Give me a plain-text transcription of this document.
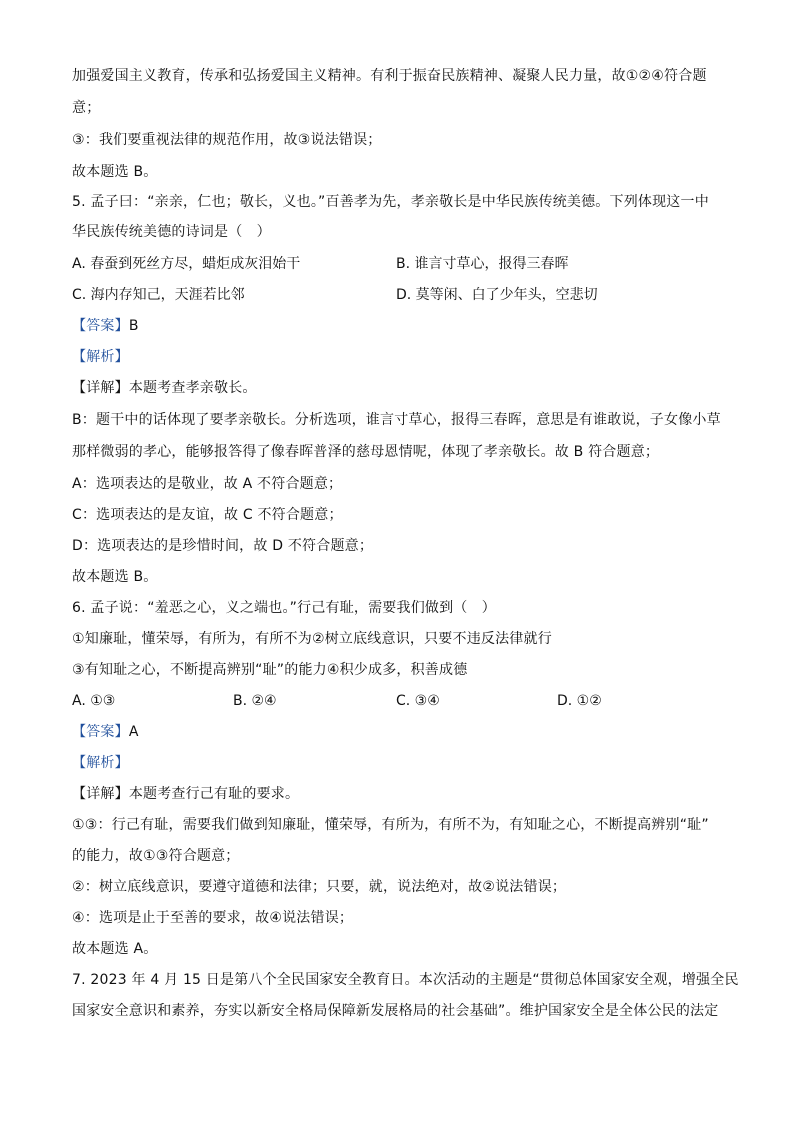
加强爱国主义教育，传承和弘扬爱国主义精神。有利于振奋民族精神、凝聚人民力量，故①②④符合题
意；
③：我们要重视法律的规范作用，故③说法错误；
故本题选 B。
5. 孟子曰：“亲亲，仁也；敬长，义也。”百善孝为先，孝亲敬长是中华民族传统美德。下列体现这一中
华民族传统美德的诗词是（　）
A. 春蚕到死丝方尽，蜡炬成灰泪始干	B. 谁言寸草心，报得三春晖
C. 海内存知己，天涯若比邻	D. 莫等闲、白了少年头，空悲切
【答案】B
【解析】
【详解】本题考查孝亲敬长。
B：题干中的话体现了要孝亲敬长。分析选项，谁言寸草心，报得三春晖，意思是有谁敢说，子女像小草
那样微弱的孝心，能够报答得了像春晖普泽的慈母恩情呢，体现了孝亲敬长。故 B 符合题意；
A：选项表达的是敬业，故 A 不符合题意；
C：选项表达的是友谊，故 C 不符合题意；
D：选项表达的是珍惜时间，故 D 不符合题意；
故本题选 B。
6. 孟子说：“羞恶之心，义之端也。”行己有耻，需要我们做到（　）
①知廉耻，懂荣辱，有所为，有所不为②树立底线意识，只要不违反法律就行
③有知耻之心，不断提高辨别“耻”的能力④积少成多，积善成德
A. ①③	B. ②④	C. ③④	D. ①②
【答案】A
【解析】
【详解】本题考查行己有耻的要求。
①③：行己有耻，需要我们做到知廉耻，懂荣辱，有所为，有所不为，有知耻之心，不断提高辨别“耻”
的能力，故①③符合题意；
②：树立底线意识，要遵守道德和法律；只要，就，说法绝对，故②说法错误；
④：选项是止于至善的要求，故④说法错误；
故本题选 A。
7. 2023 年 4 月 15 日是第八个全民国家安全教育日。本次活动的主题是“贯彻总体国家安全观，增强全民
国家安全意识和素养，夯实以新安全格局保障新发展格局的社会基础”。维护国家安全是全体公民的法定
